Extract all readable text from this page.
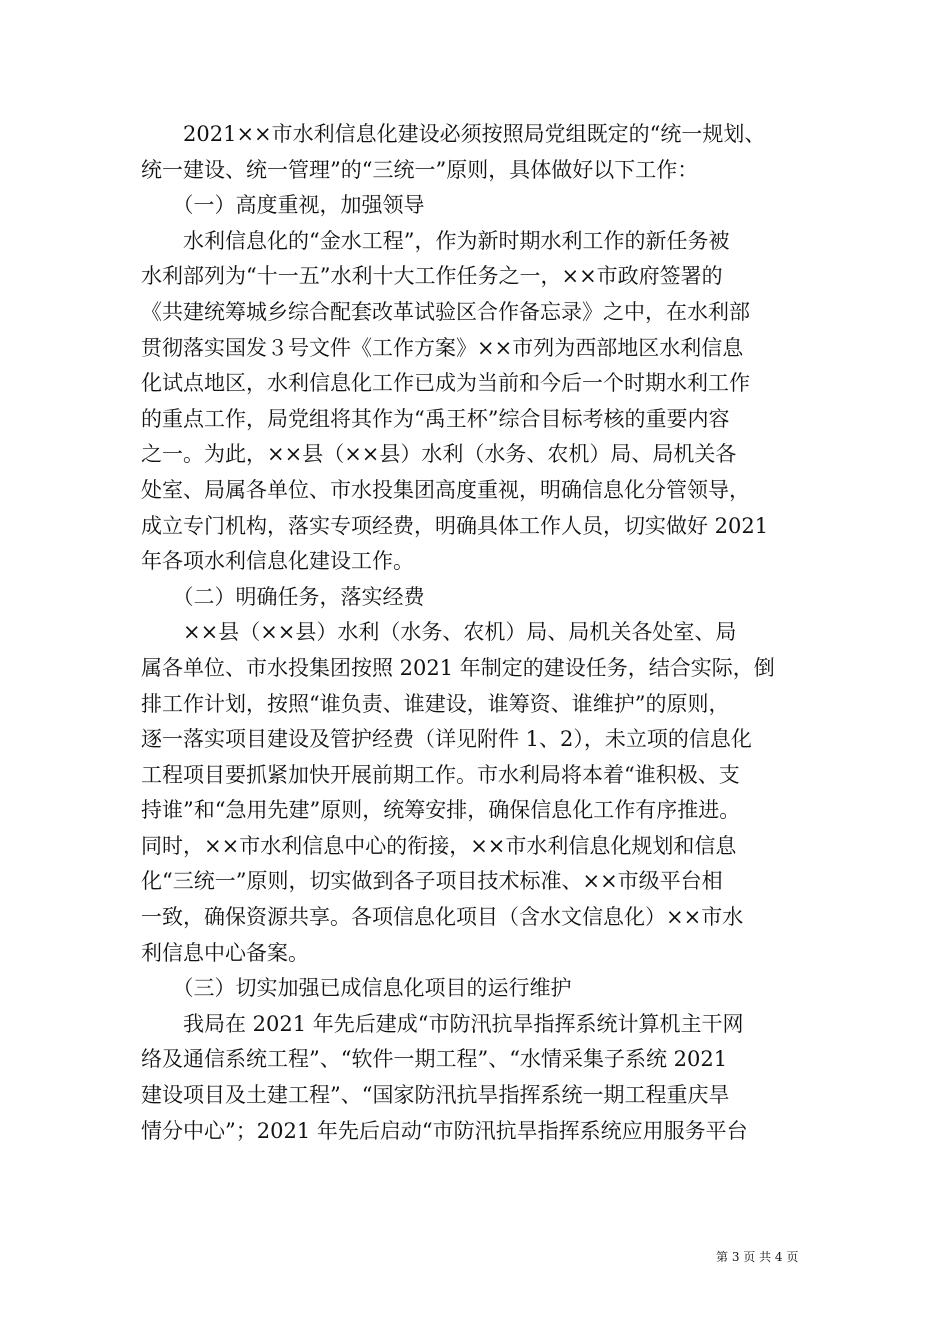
　　2021××市水利信息化建设必须按照局党组既定的“统一规划、
统一建设、统一管理”的“三统一”原则，具体做好以下工作：
　　（一）高度重视，加强领导
　　水利信息化的“金水工程”，作为新时期水利工作的新任务被
水利部列为“十一五”水利十大工作任务之一，××市政府签署的
《共建统筹城乡综合配套改革试验区合作备忘录》之中，在水利部
贯彻落实国发３号文件《工作方案》××市列为西部地区水利信息
化试点地区，水利信息化工作已成为当前和今后一个时期水利工作
的重点工作，局党组将其作为“禹王杯”综合目标考核的重要内容
之一。为此，××县（××县）水利（水务、农机）局、局机关各
处室、局属各单位、市水投集团高度重视，明确信息化分管领导，
成立专门机构，落实专项经费，明确具体工作人员，切实做好 2021
年各项水利信息化建设工作。
　　（二）明确任务，落实经费
　　××县（××县）水利（水务、农机）局、局机关各处室、局
属各单位、市水投集团按照 2021 年制定的建设任务，结合实际，倒
排工作计划，按照“谁负责、谁建设，谁筹资、谁维护”的原则，
逐一落实项目建设及管护经费（详见附件 1、2），未立项的信息化
工程项目要抓紧加快开展前期工作。市水利局将本着“谁积极、支
持谁”和“急用先建”原则，统筹安排，确保信息化工作有序推进。
同时，××市水利信息中心的衔接，××市水利信息化规划和信息
化“三统一”原则，切实做到各子项目技术标准、××市级平台相
一致，确保资源共享。各项信息化项目（含水文信息化）××市水
利信息中心备案。
　　（三）切实加强已成信息化项目的运行维护
　　我局在 2021 年先后建成“市防汛抗旱指挥系统计算机主干网
络及通信系统工程”、“软件一期工程”、“水情采集子系统 2021
建设项目及土建工程”、“国家防汛抗旱指挥系统一期工程重庆旱
情分中心”；2021 年先后启动“市防汛抗旱指挥系统应用服务平台
第 3 页 共 4 页
